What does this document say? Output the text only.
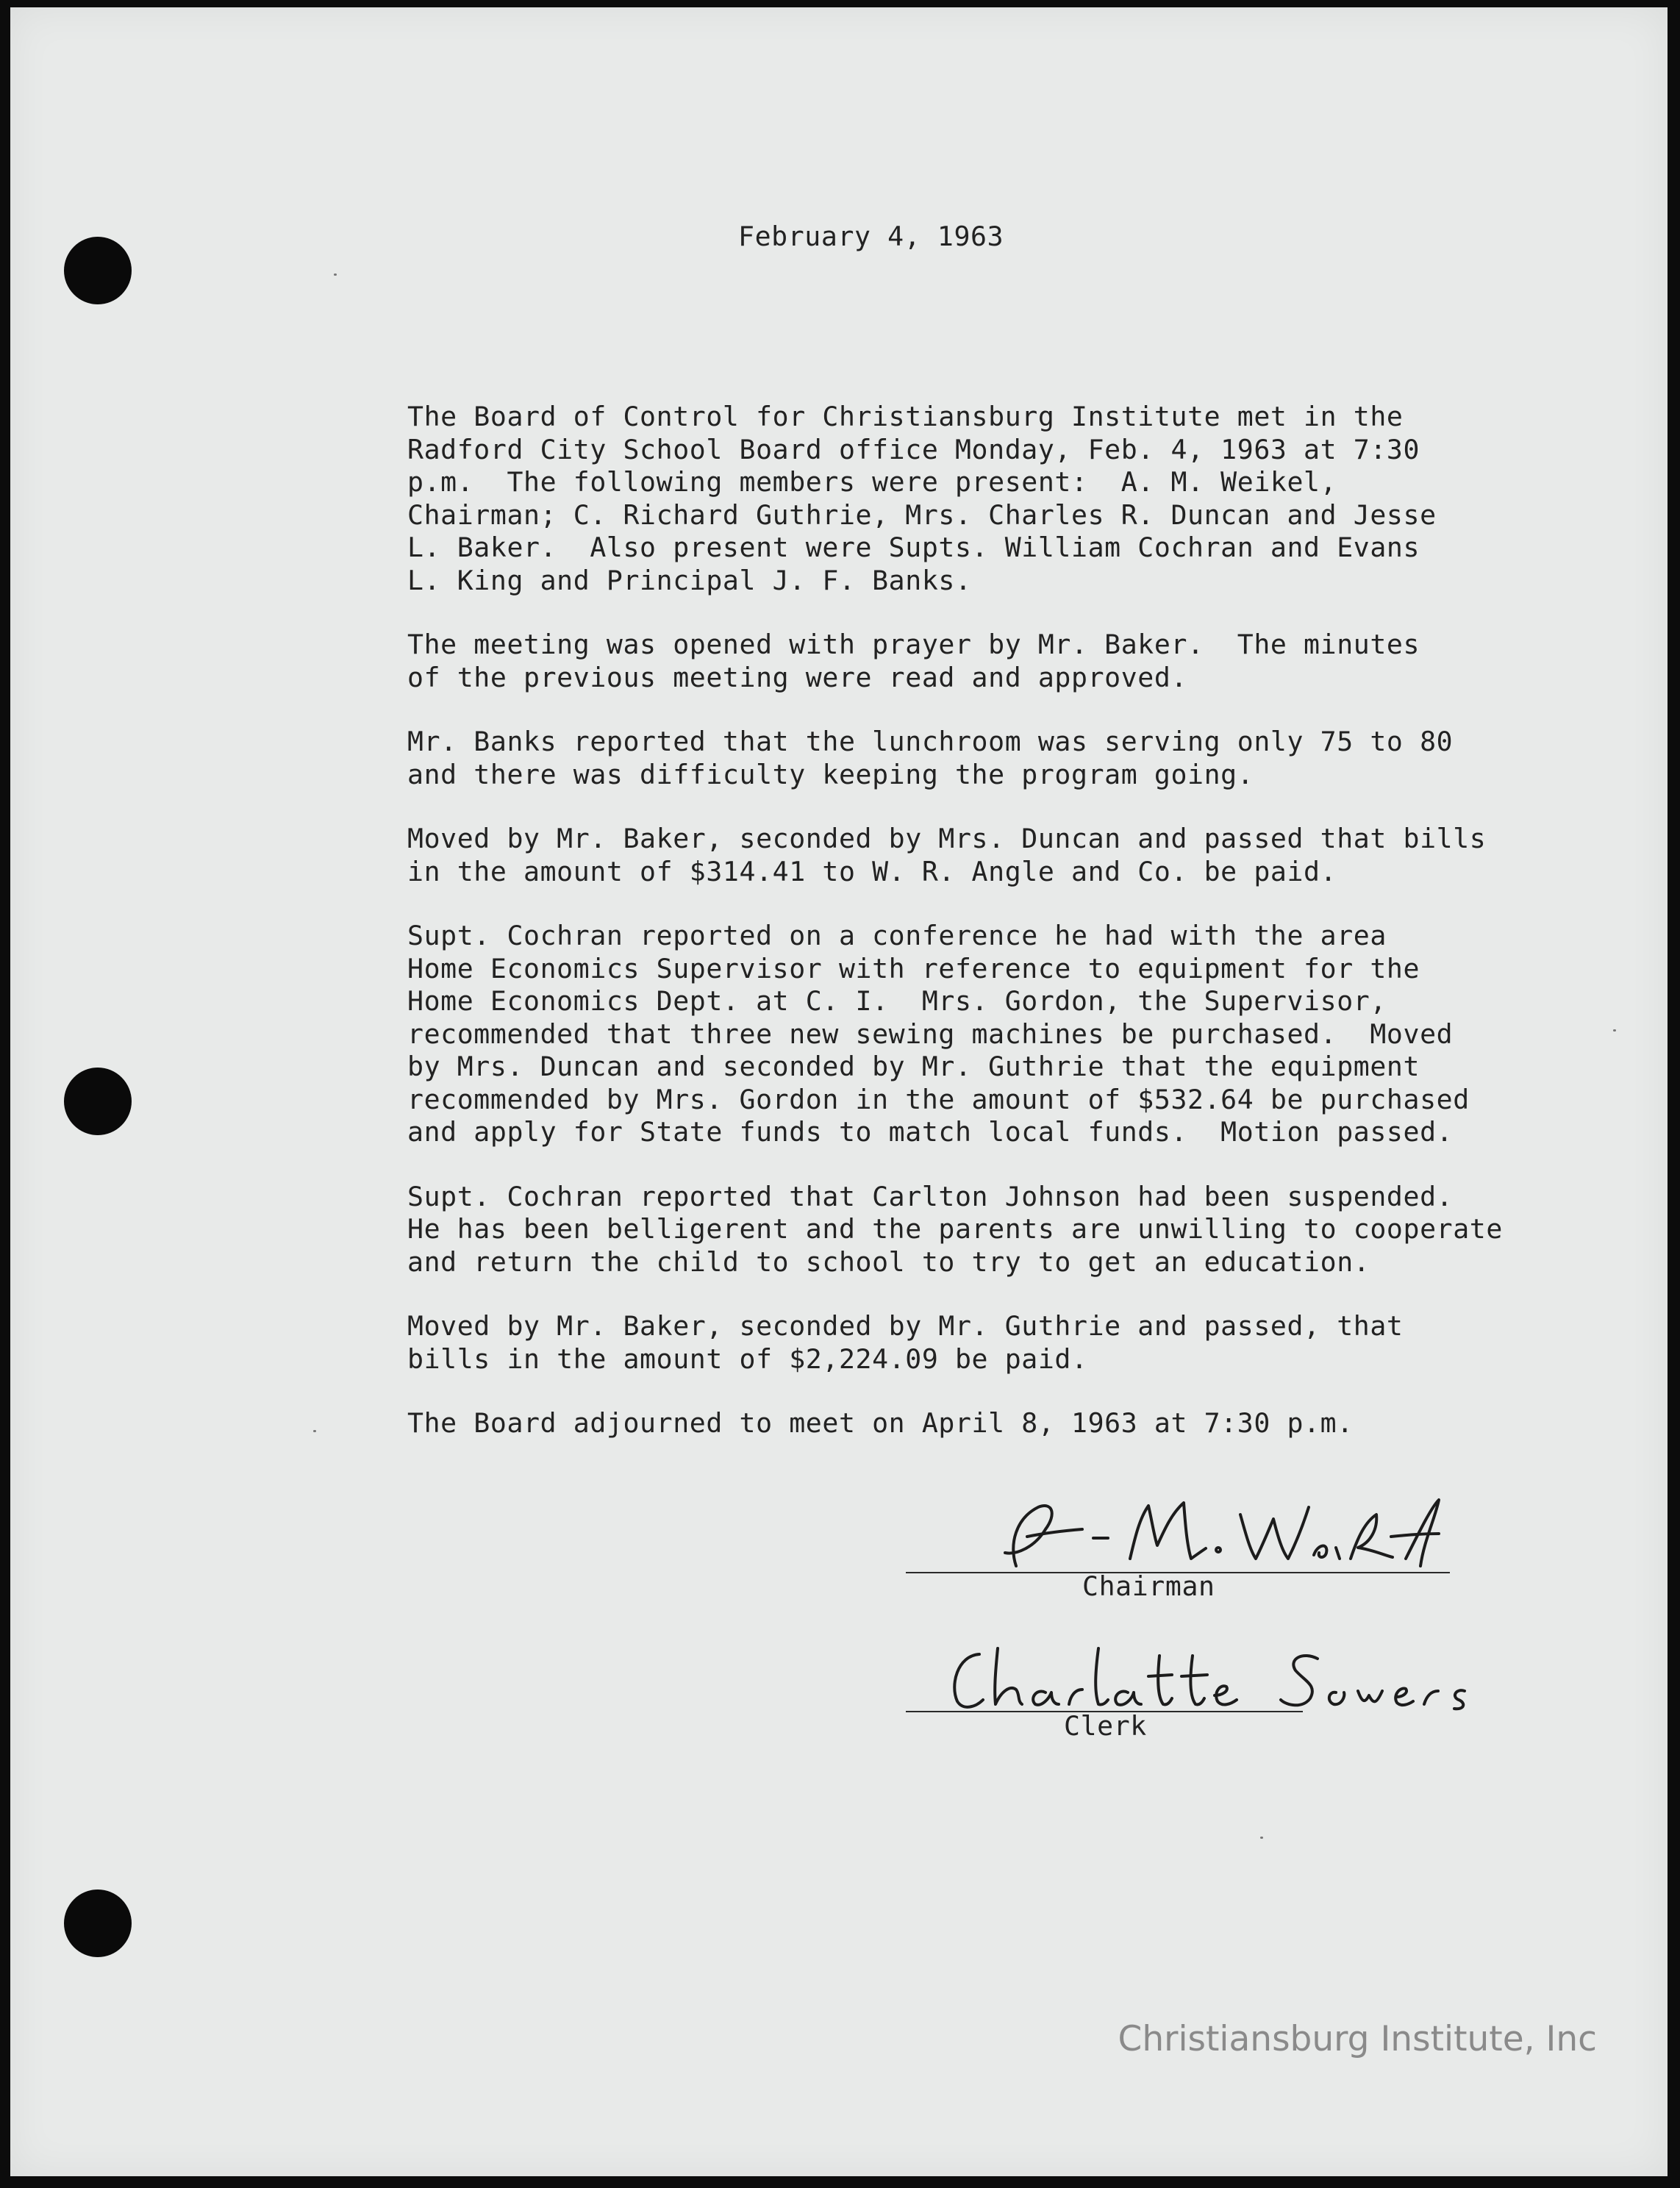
February 4, 1963
The Board of Control for Christiansburg Institute met in the
Radford City School Board office Monday, Feb. 4, 1963 at 7:30
p.m.  The following members were present:  A. M. Weikel,
Chairman; C. Richard Guthrie, Mrs. Charles R. Duncan and Jesse
L. Baker.  Also present were Supts. William Cochran and Evans
L. King and Principal J. F. Banks.
The meeting was opened with prayer by Mr. Baker.  The minutes
of the previous meeting were read and approved.
Mr. Banks reported that the lunchroom was serving only 75 to 80
and there was difficulty keeping the program going.
Moved by Mr. Baker, seconded by Mrs. Duncan and passed that bills
in the amount of $314.41 to W. R. Angle and Co. be paid.
Supt. Cochran reported on a conference he had with the area
Home Economics Supervisor with reference to equipment for the
Home Economics Dept. at C. I.  Mrs. Gordon, the Supervisor,
recommended that three new sewing machines be purchased.  Moved
by Mrs. Duncan and seconded by Mr. Guthrie that the equipment
recommended by Mrs. Gordon in the amount of $532.64 be purchased
and apply for State funds to match local funds.  Motion passed.
Supt. Cochran reported that Carlton Johnson had been suspended.
He has been belligerent and the parents are unwilling to cooperate
and return the child to school to try to get an education.
Moved by Mr. Baker, seconded by Mr. Guthrie and passed, that
bills in the amount of $2,224.09 be paid.
The Board adjourned to meet on April 8, 1963 at 7:30 p.m.
Chairman
Clerk
Christiansburg Institute, Inc
